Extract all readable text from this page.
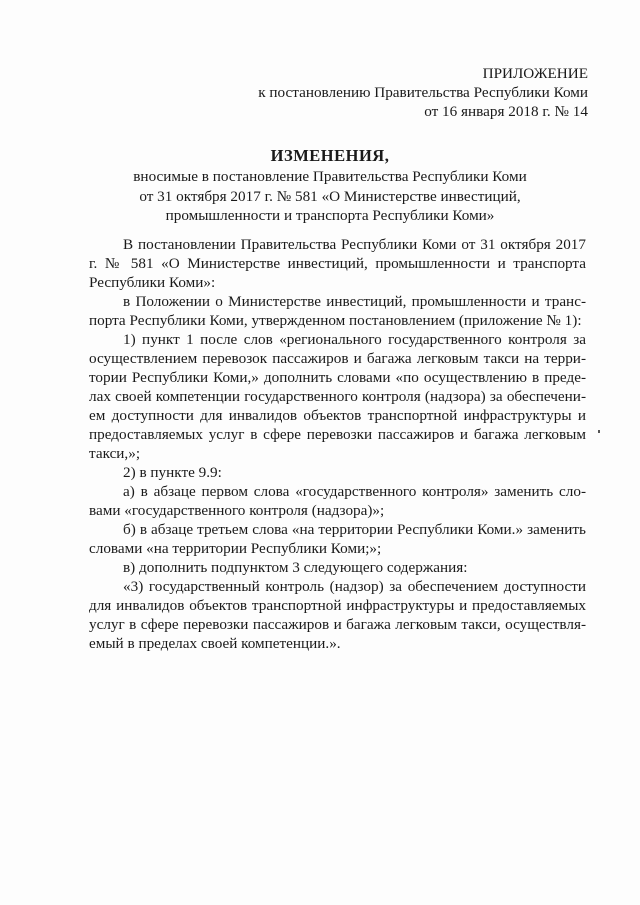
ПРИЛОЖЕНИЕ
к постановлению Правительства Республики Коми
от 16 января 2018 г. № 14
ИЗМЕНЕНИЯ,
вносимые в постановление Правительства Республики Коми
от 31 октября 2017 г. № 581 «О Министерстве инвестиций,
промышленности и транспорта Республики Коми»

В постановлении Правительства Республики Коми от 31 октября 2017 г. № 581 «О Министерстве инвестиций, промышленности и транспорта Республики Коми»:

в Положении о Министерстве инвестиций, промышленности и транспорта Республики Коми, утвержденном постановлением (приложение № 1):

1) пункт 1 после слов «регионального государственного контроля за осуществлением перевозок пассажиров и багажа легковым такси на территории Республики Коми,» дополнить словами «по осуществлению в пределах своей компетенции государственного контроля (надзора) за обеспечением доступности для инвалидов объектов транспортной инфраструктуры и предоставляемых услуг в сфере перевозки пассажиров и багажа легковым такси,»;

2) в пункте 9.9:

а) в абзаце первом слова «государственного контроля» заменить словами «государственного контроля (надзора)»;

б) в абзаце третьем слова «на территории Республики Коми.» заменить словами «на территории Республики Коми;»;

в) дополнить подпунктом 3 следующего содержания:

«3) государственный контроль (надзор) за обеспечением доступности для инвалидов объектов транспортной инфраструктуры и предоставляемых услуг в сфере перевозки пассажиров и багажа легковым такси, осуществляемый в пределах своей компетенции.».
